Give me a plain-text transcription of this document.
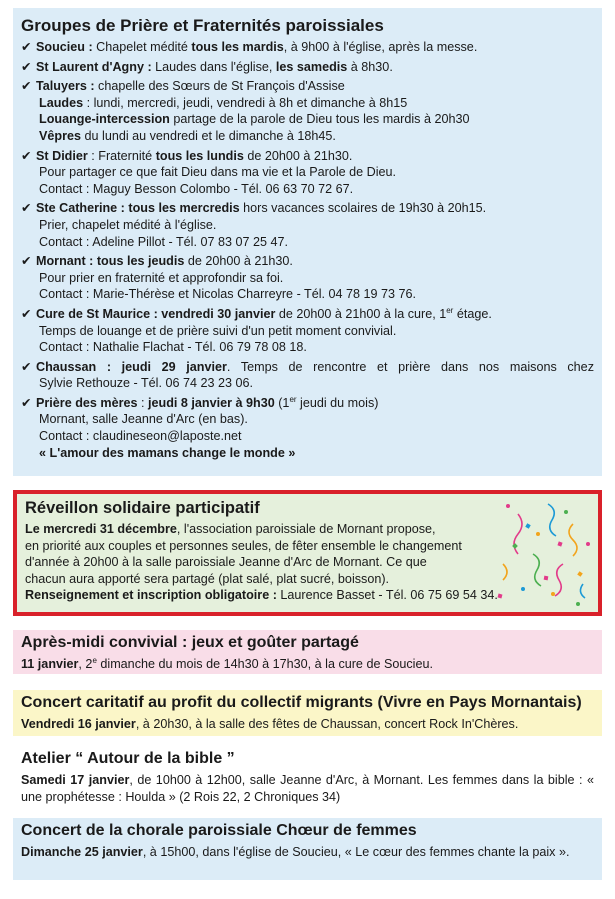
Groupes de Prière et Fraternités paroissiales
✔ Soucieu : Chapelet médité tous les mardis, à 9h00 à l'église, après la messe.
✔ St Laurent d'Agny : Laudes dans l'église, les samedis à 8h30.
✔ Taluyers : chapelle des Sœurs de St François d'Assise
Laudes : lundi, mercredi, jeudi, vendredi à 8h et dimanche à 8h15
Louange-intercession partage de la parole de Dieu tous les mardis à 20h30
Vêpres du lundi au vendredi et le dimanche à 18h45.
✔ St Didier : Fraternité tous les lundis de 20h00 à 21h30.
Pour partager ce que fait Dieu dans ma vie et la Parole de Dieu.
Contact : Maguy Besson Colombo - Tél. 06 63 70 72 67.
✔ Ste Catherine : tous les mercredis hors vacances scolaires de 19h30 à 20h15.
Prier, chapelet médité à l'église.
Contact : Adeline Pillot - Tél. 07 83 07 25 47.
✔ Mornant : tous les jeudis de 20h00 à 21h30.
Pour prier en fraternité et approfondir sa foi.
Contact : Marie-Thérèse et Nicolas Charreyre - Tél. 04 78 19 73 76.
✔ Cure de St Maurice : vendredi 30 janvier de 20h00 à 21h00 à la cure, 1er étage.
Temps de louange et de prière suivi d'un petit moment convivial.
Contact : Nathalie Flachat - Tél. 06 79 78 08 18.
✔ Chaussan : jeudi 29 janvier. Temps de rencontre et prière dans nos maisons chez
Sylvie Rethouze - Tél. 06 74 23 23 06.
✔ Prière des mères : jeudi 8 janvier à 9h30 (1er jeudi du mois)
Mornant, salle Jeanne d'Arc (en bas).
Contact : claudineseon@laposte.net
« L'amour des mamans change le monde »
Réveillon solidaire participatif

Le mercredi 31 décembre, l'association paroissiale de Mornant propose,
en priorité aux couples et personnes seules, de fêter ensemble le changement
d'année à 20h00 à la salle paroissiale Jeanne d'Arc de Mornant. Ce que
chacun aura apporté sera partagé (plat salé, plat sucré, boisson).

Renseignement et inscription obligatoire : Laurence Basset - Tél. 06 75 69 54 34.

Après-midi convivial : jeux et goûter partagé

11 janvier, 2e dimanche du mois de 14h30 à 17h30, à la cure de Soucieu.

Concert caritatif au profit du collectif migrants (Vivre en Pays Mornantais)

Vendredi 16 janvier, à 20h30, à la salle des fêtes de Chaussan, concert Rock In'Chères.

Atelier “ Autour de la bible ”

Samedi 17 janvier, de 10h00 à 12h00, salle Jeanne d'Arc, à Mornant. Les femmes dans la bible : « une prophétesse : Houlda » (2 Rois 22, 2 Chroniques 34)

Concert de la chorale paroissiale Chœur de femmes

Dimanche 25 janvier, à 15h00, dans l'église de Soucieu, « Le cœur des femmes chante la paix ».
